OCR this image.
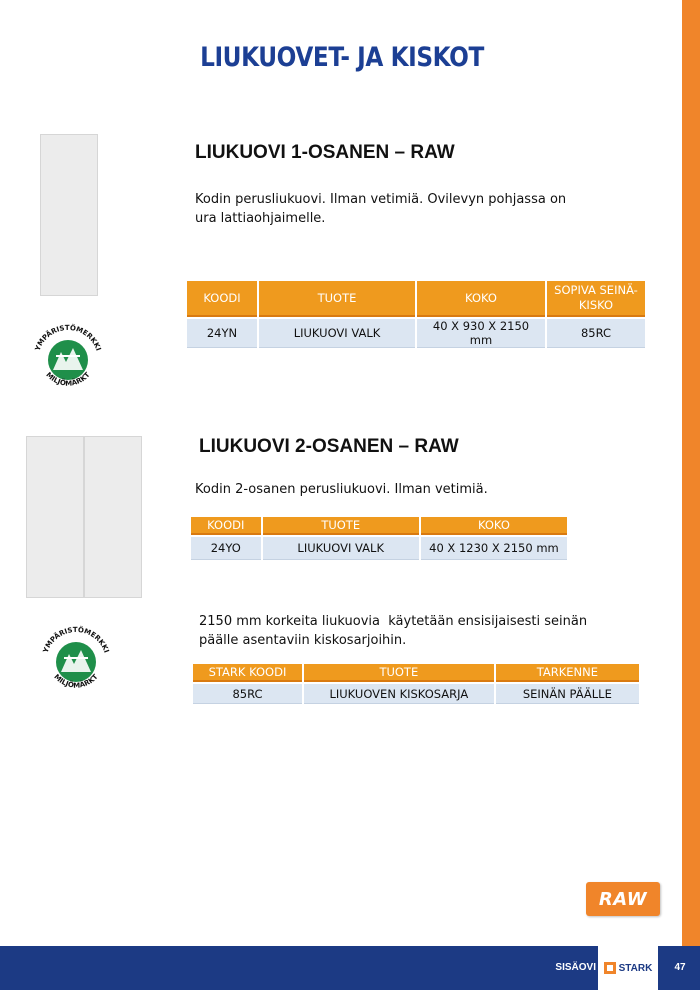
LIUKUOVET- JA KISKOT
YMPÄRISTÖMERKKI
MILJÖMÄRKT
LIUKUOVI 1-OSANEN – RAW
Kodin perusliukuovi. Ilman vetimiä. Ovilevyn pohjassa on
ura lattiaohjaimelle.
KOODI	TUOTE	KOKO	SOPIVA SEINÄ-KISKO
24YN	LIUKUOVI VALK	40 X 930 X 2150 mm	85RC
YMPÄRISTÖMERKKI
MILJÖMÄRKT
LIUKUOVI 2-OSANEN – RAW
Kodin 2-osanen perusliukuovi. Ilman vetimiä.
KOODI	TUOTE	KOKO
24YO	LIUKUOVI VALK	40 X 1230 X 2150 mm
2150 mm korkeita liukuovia  käytetään ensisijaisesti seinän
päälle asentaviin kiskosarjoihin.
STARK KOODI	TUOTE	TARKENNE
85RC	LIUKUOVEN KISKOSARJA	SEINÄN PÄÄLLE
RAW
SISÄOVI STARK	47
